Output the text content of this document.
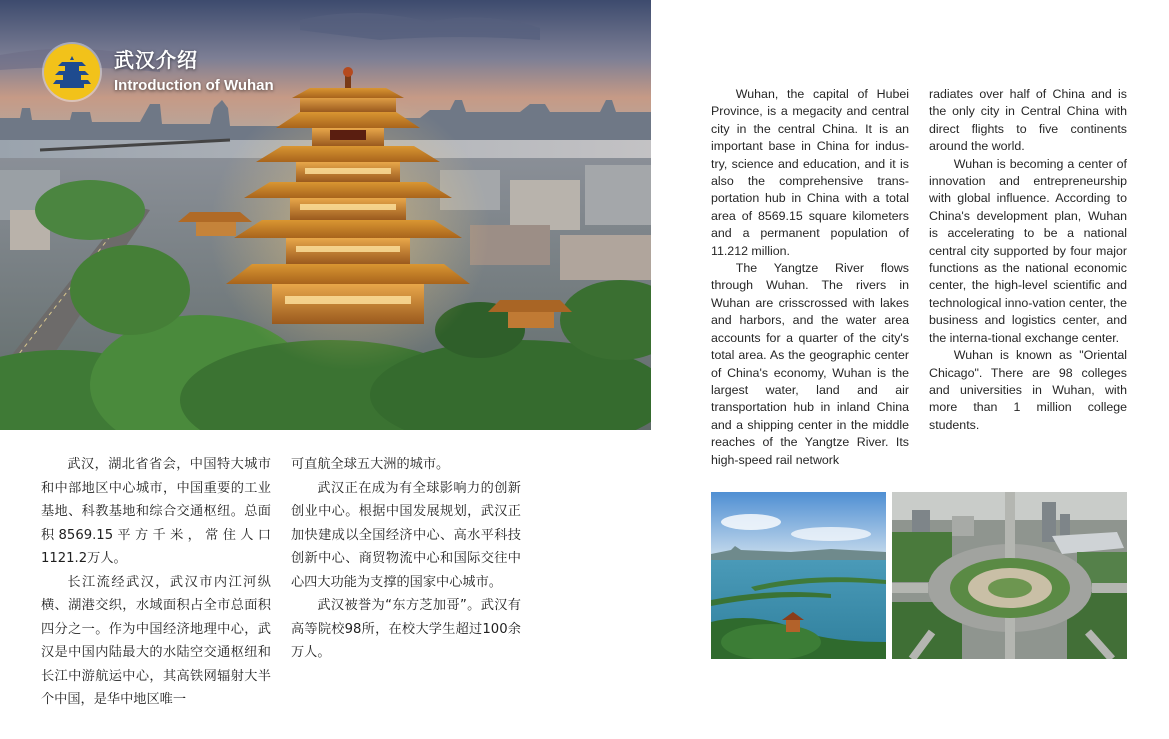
武汉介绍
Introduction of Wuhan

武汉，湖北省省会，中国特大城市和中部地区中心城市，中国重要的工业基地、科教基地和综合交通枢纽。总面积8569.15平方千米，常住人口1121.2万人。

长江流经武汉，武汉市内江河纵横、湖港交织，水域面积占全市总面积四分之一。作为中国经济地理中心，武汉是中国内陆最大的水陆空交通枢纽和长江中游航运中心，其高铁网辐射大半个中国，是华中地区唯一

可直航全球五大洲的城市。

武汉正在成为有全球影响力的创新创业中心。根据中国发展规划，武汉正加快建成以全国经济中心、高水平科技创新中心、商贸物流中心和国际交往中心四大功能为支撑的国家中心城市。

武汉被誉为“东方芝加哥”。武汉有高等院校98所，在校大学生超过100余万人。

Wuhan, the capital of Hubei Province, is a megacity and central city in the central China. It is an important base in China for indus-try, science and education, and it is also the comprehensive trans-portation hub in China with a total area of 8569.15 square kilometers and a permanent population of 11.212 million.

The Yangtze River flows through Wuhan. The rivers in Wuhan are crisscrossed with lakes and harbors, and the water area accounts for a quarter of the city's total area. As the geographic center of China's economy, Wuhan is the largest water, land and air transportation hub in inland China and a shipping center in the middle reaches of the Yangtze River. Its high-speed rail network

radiates over half of China and is the only city in Central China with direct flights to five continents around the world.

Wuhan is becoming a center of innovation and entrepreneurship with global influence. According to China's development plan, Wuhan is accelerating to be a national central city supported by four major functions as the national economic center, the high-level scientific and technological inno-vation center, the business and logistics center, and the interna-tional exchange center.

Wuhan is known as "Oriental Chicago". There are 98 colleges and universities in Wuhan, with more than 1 million college students.
